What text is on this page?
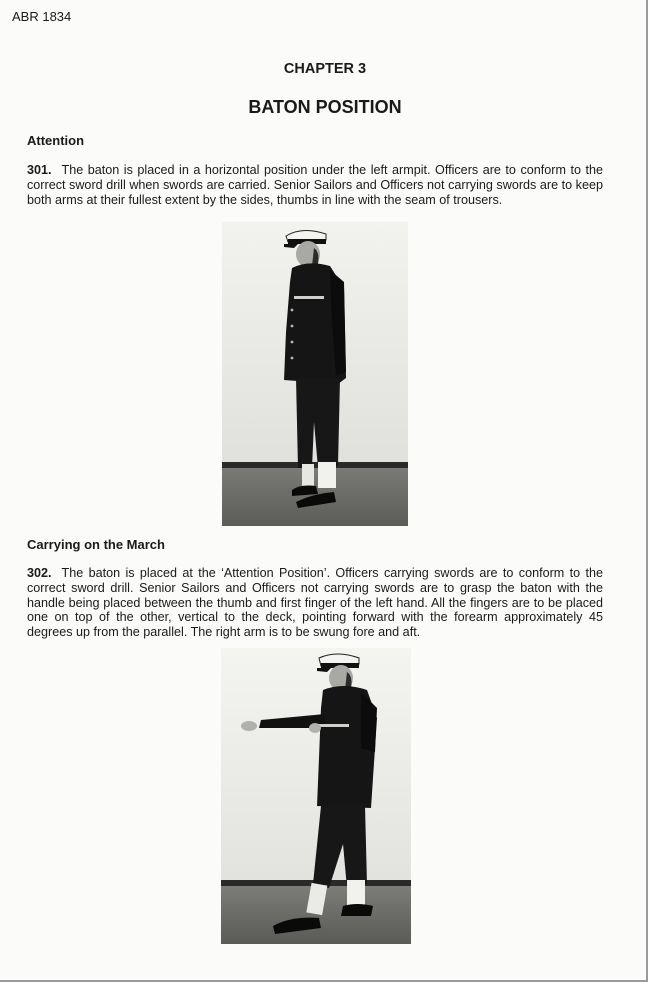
ABR 1834
CHAPTER 3
BATON POSITION
Attention
301. The baton is placed in a horizontal position under the left armpit. Officers are to conform to the correct sword drill when swords are carried. Senior Sailors and Officers not carrying swords are to keep both arms at their fullest extent by the sides, thumbs in line with the seam of trousers.
Carrying on the March
302. The baton is placed at the ‘Attention Position’. Officers carrying swords are to conform to the correct sword drill. Senior Sailors and Officers not carrying swords are to grasp the baton with the handle being placed between the thumb and first finger of the left hand. All the fingers are to be placed one on top of the other, vertical to the deck, pointing forward with the forearm approximately 45 degrees up from the parallel. The right arm is to be swung fore and aft.
